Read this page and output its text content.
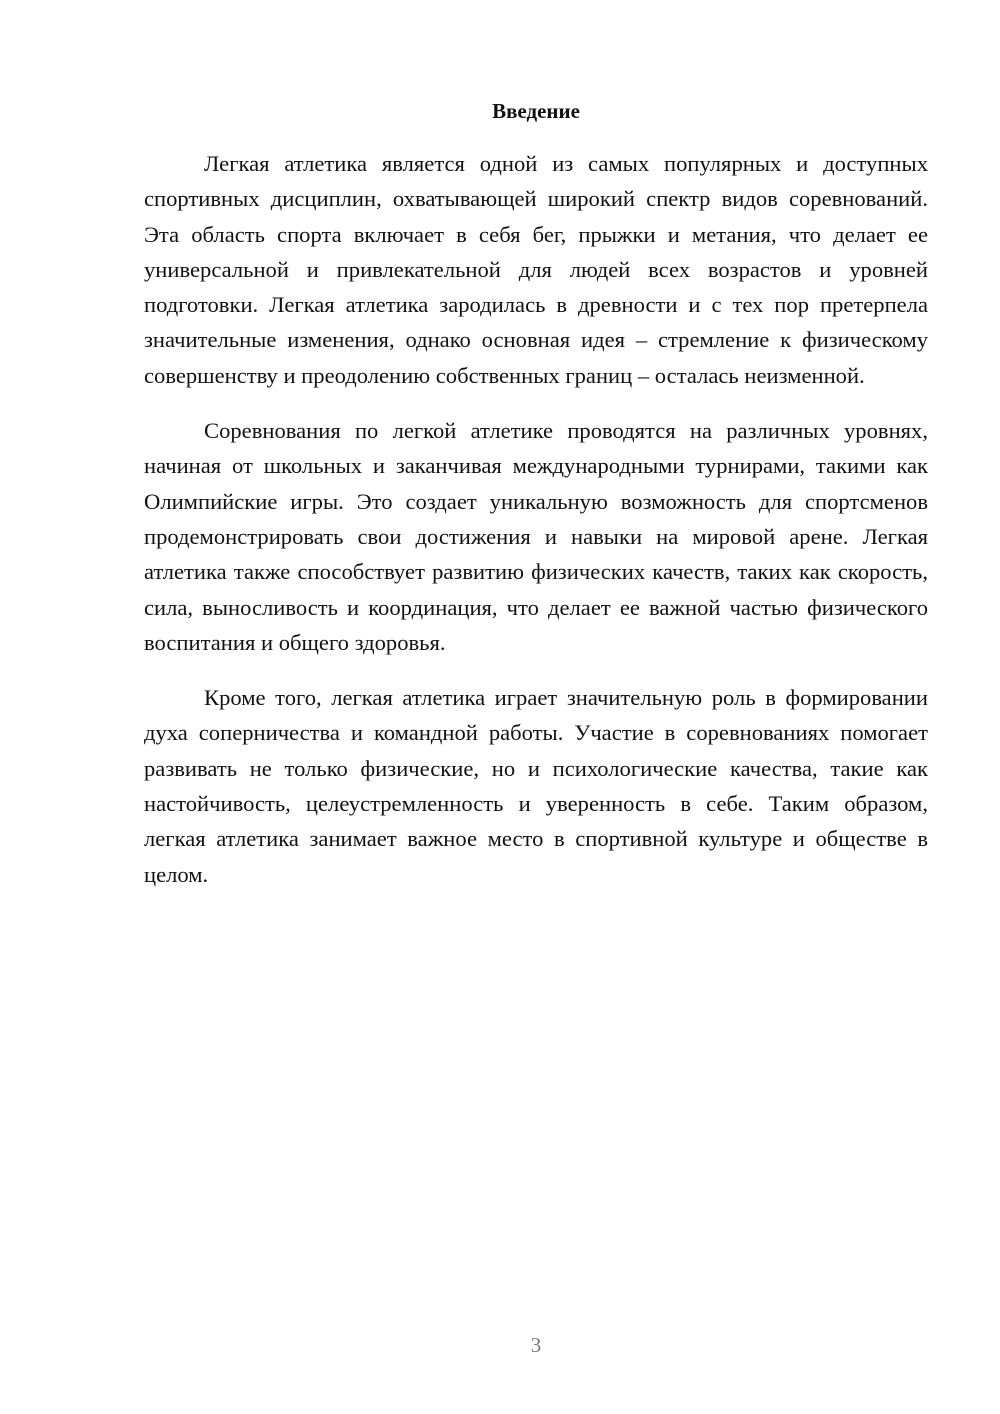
Введение

Легкая атлетика является одной из самых популярных и доступных спортивных дисциплин, охватывающей широкий спектр видов соревнований. Эта область спорта включает в себя бег, прыжки и метания, что делает ее универсальной и привлекательной для людей всех возрастов и уровней подготовки. Легкая атлетика зародилась в древности и с тех пор претерпела значительные изменения, однако основная идея – стремление к физическому совершенству и преодолению собственных границ – осталась неизменной.

Соревнования по легкой атлетике проводятся на различных уровнях, начиная от школьных и заканчивая международными турнирами, такими как Олимпийские игры. Это создает уникальную возможность для спортсменов продемонстрировать свои достижения и навыки на мировой арене. Легкая атлетика также способствует развитию физических качеств, таких как скорость, сила, выносливость и координация, что делает ее важной частью физического воспитания и общего здоровья.

Кроме того, легкая атлетика играет значительную роль в формировании духа соперничества и командной работы. Участие в соревнованиях помогает развивать не только физические, но и психологические качества, такие как настойчивость, целеустремленность и уверенность в себе. Таким образом, легкая атлетика занимает важное место в спортивной культуре и обществе в целом.

3
